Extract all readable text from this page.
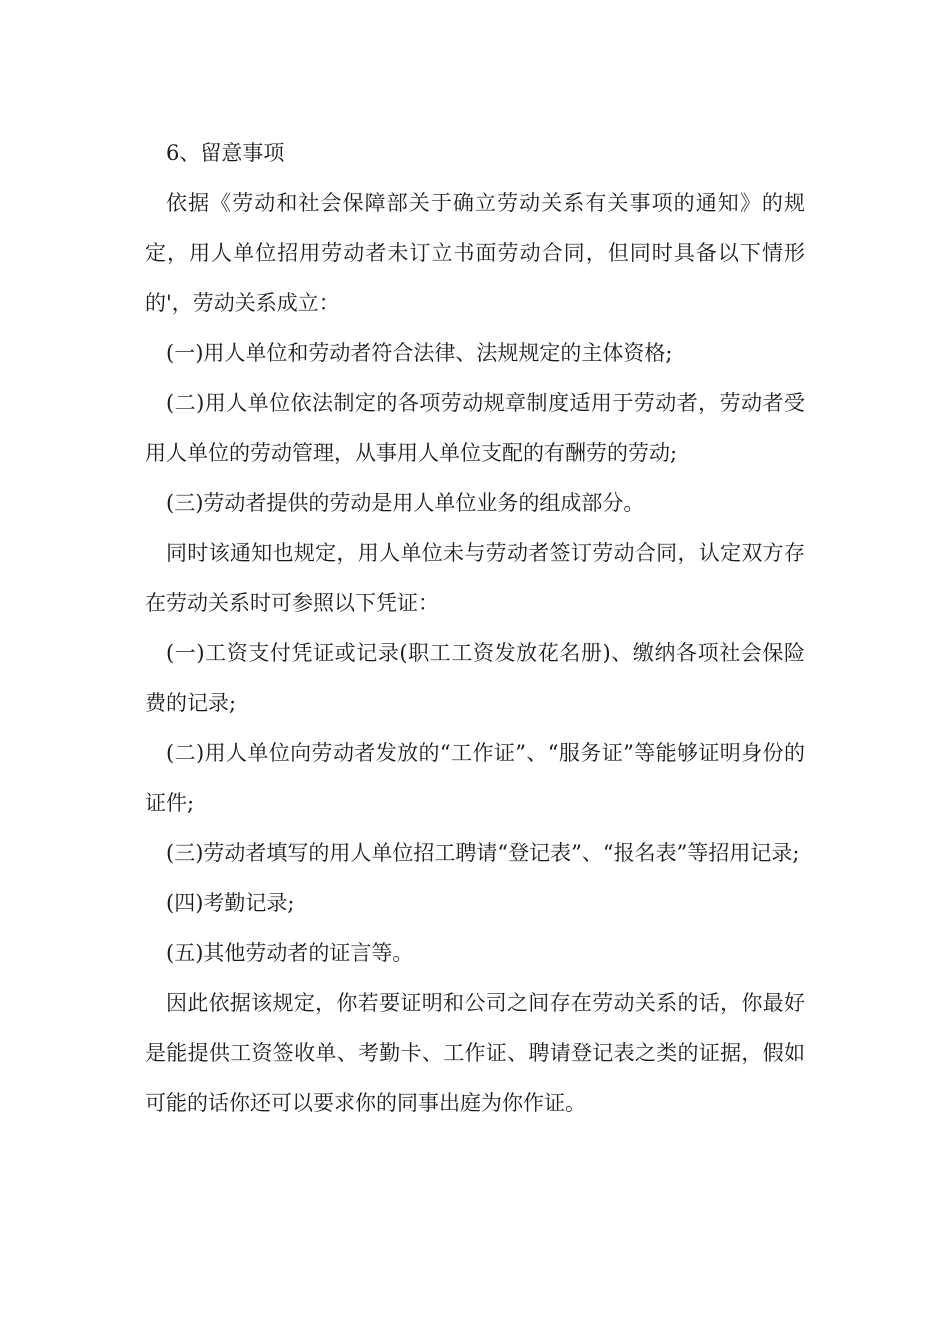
6、留意事项

依据《劳动和社会保障部关于确立劳动关系有关事项的通知》的规定，用人单位招用劳动者未订立书面劳动合同，但同时具备以下情形的'，劳动关系成立：

(一)用人单位和劳动者符合法律、法规规定的主体资格;

(二)用人单位依法制定的各项劳动规章制度适用于劳动者，劳动者受用人单位的劳动管理，从事用人单位支配的有酬劳的劳动;

(三)劳动者提供的劳动是用人单位业务的组成部分。

同时该通知也规定，用人单位未与劳动者签订劳动合同，认定双方存在劳动关系时可参照以下凭证：

(一)工资支付凭证或记录(职工工资发放花名册)、缴纳各项社会保险费的记录;

(二)用人单位向劳动者发放的“工作证”、“服务证”等能够证明身份的证件;

(三)劳动者填写的用人单位招工聘请“登记表”、“报名表”等招用记录;

(四)考勤记录;

(五)其他劳动者的证言等。

因此依据该规定，你若要证明和公司之间存在劳动关系的话，你最好是能提供工资签收单、考勤卡、工作证、聘请登记表之类的证据，假如可能的话你还可以要求你的同事出庭为你作证。
